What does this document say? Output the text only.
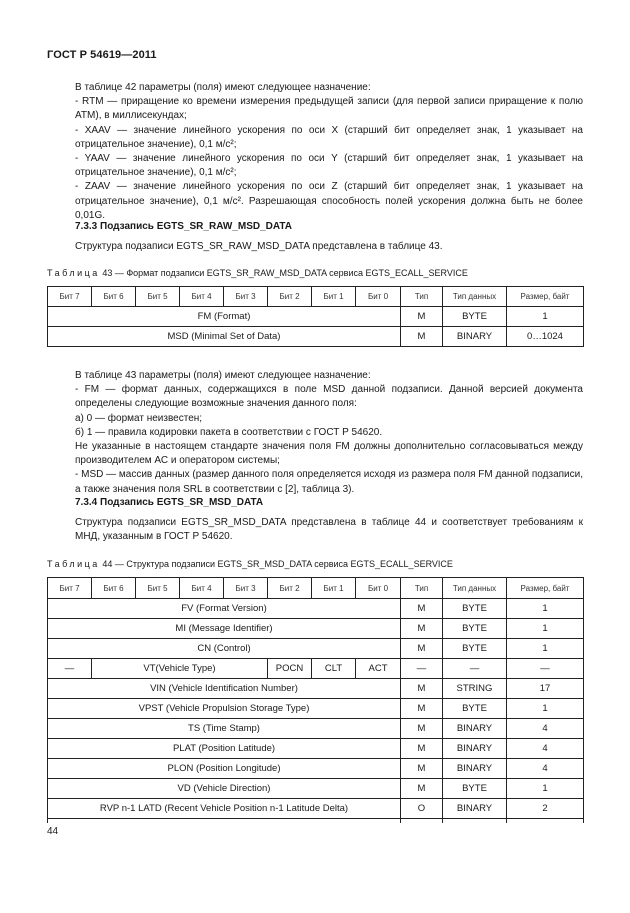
ГОСТ Р 54619—2011
В таблице 42 параметры (поля) имеют следующее назначение:
- RTM — приращение ко времени измерения предыдущей записи (для первой записи приращение к полю ATM), в миллисекундах;
- XAAV — значение линейного ускорения по оси X (старший бит определяет знак, 1 указывает на отрицательное значение), 0,1 м/с²;
- YAAV — значение линейного ускорения по оси Y (старший бит определяет знак, 1 указывает на отрицательное значение), 0,1 м/с²;
- ZAAV — значение линейного ускорения по оси Z (старший бит определяет знак, 1 указывает на отрицательное значение), 0,1 м/с². Разрешающая способность полей ускорения должна быть не более 0,01G.
7.3.3 Подзапись EGTS_SR_RAW_MSD_DATA
Структура подзаписи EGTS_SR_RAW_MSD_DATA представлена в таблице 43.
Таблица 43 — Формат подзаписи EGTS_SR_RAW_MSD_DATA сервиса EGTS_ECALL_SERVICE
Бит 7	Бит 6	Бит 5	Бит 4	Бит 3	Бит 2	Бит 1	Бит 0	Тип	Тип данных	Размер, байт
FM (Format)								M	BYTE	1
MSD (Minimal Set of Data)								M	BINARY	0…1024
В таблице 43 параметры (поля) имеют следующее назначение:
- FM — формат данных, содержащихся в поле MSD данной подзаписи. Данной версией документа определены следующие возможные значения данного поля:
а) 0 — формат неизвестен;
б) 1 — правила кодировки пакета в соответствии с ГОСТ Р 54620.
Не указанные в настоящем стандарте значения поля FM должны дополнительно согласовываться между производителем АС и оператором системы;
- MSD — массив данных (размер данного поля определяется исходя из размера поля FM данной подзаписи, а также значения поля SRL в соответствии с [2], таблица 3).
7.3.4 Подзапись EGTS_SR_MSD_DATA
Структура подзаписи EGTS_SR_MSD_DATA представлена в таблице 44 и соответствует требованиям к МНД, указанным в ГОСТ Р 54620.
Таблица 44 — Структура подзаписи EGTS_SR_MSD_DATA сервиса EGTS_ECALL_SERVICE
Бит 7	Бит 6	Бит 5	Бит 4	Бит 3	Бит 2	Бит 1	Бит 0	Тип	Тип данных	Размер, байт
FV (Format Version)								M	BYTE	1
MI (Message Identifier)								M	BYTE	1
CN (Control)								M	BYTE	1
—	VT(Vehicle Type)				POCN	CLT	ACT	—	—	—
VIN (Vehicle Identification Number)								M	STRING	17
VPST (Vehicle Propulsion Storage Type)								M	BYTE	1
TS (Time Stamp)								M	BINARY	4
PLAT (Position Latitude)								M	BINARY	4
PLON (Position Longitude)								M	BINARY	4
VD (Vehicle Direction)								M	BYTE	1
RVP n-1 LATD (Recent Vehicle Position n-1 Latitude Delta)								O	BINARY	2

44
